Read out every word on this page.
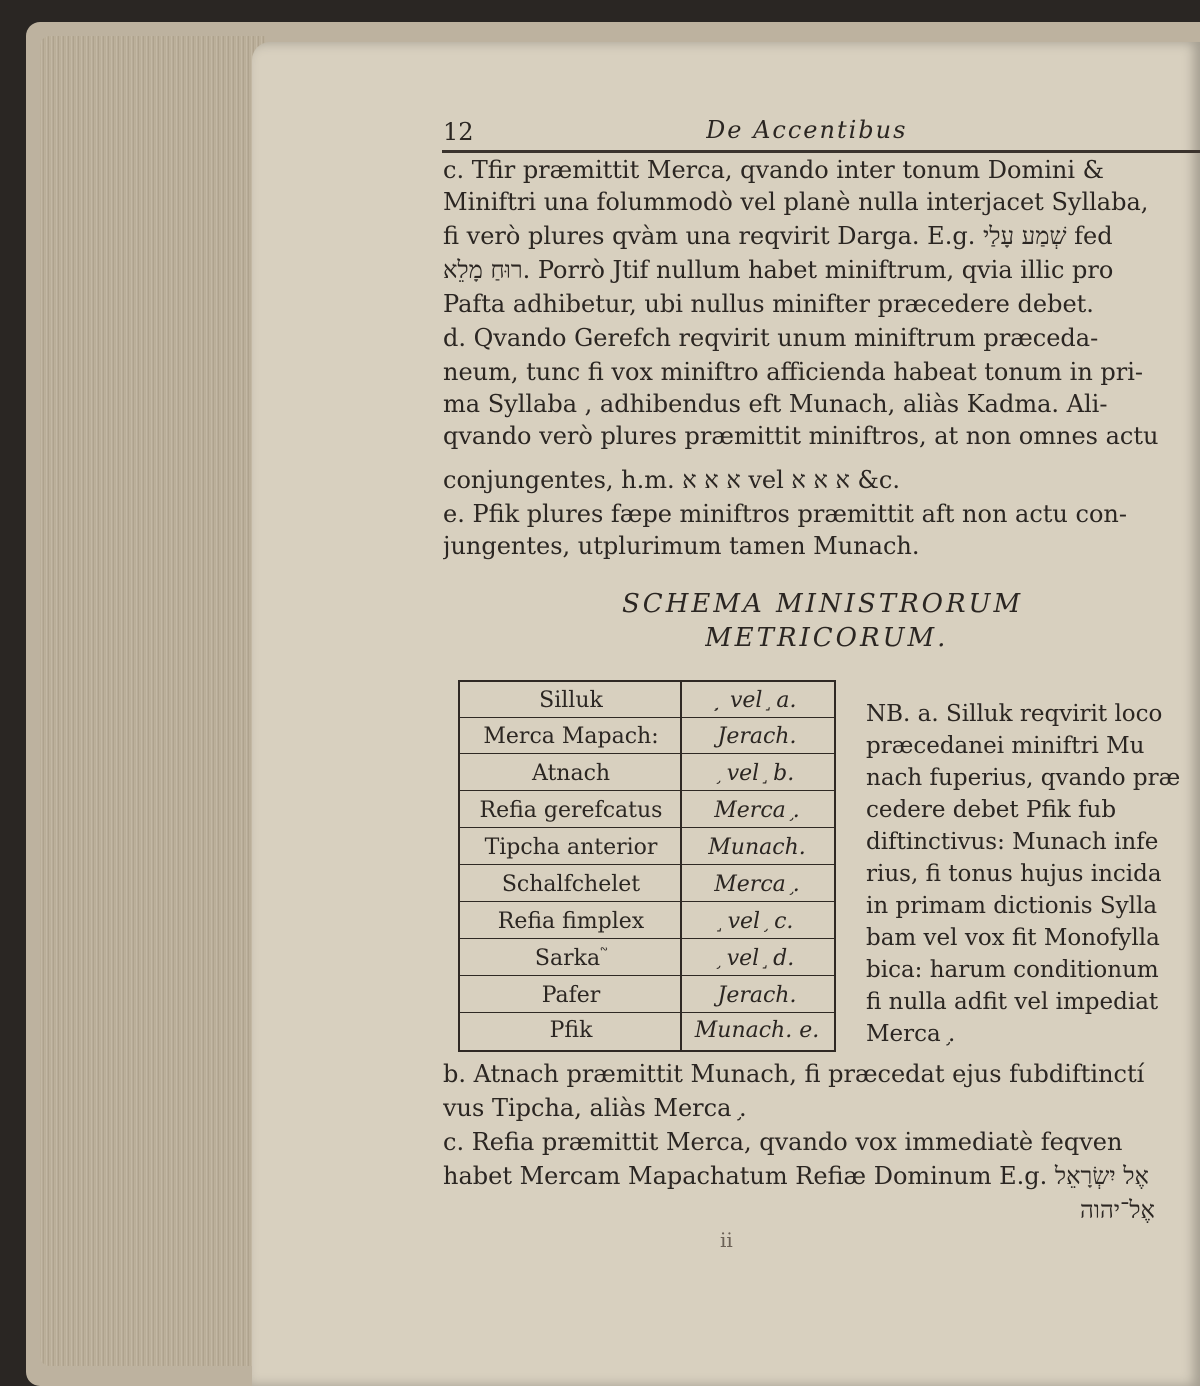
12	De Accentibus
c. Tfir præmittit Merca, qvando inter tonum Domini &
Miniftri una folummodò vel planè nulla interjacet Syllaba,
fi verò plures qvàm una reqvirit Darga. E.g. שְׁמַע עָלַי fed
רוּחַ מָלֵא. Porrò Jtif nullum habet miniftrum, qvia illic pro
Pafta adhibetur, ubi nullus minifter præcedere debet.
d. Qvando Gerefch reqvirit unum miniftrum præceda-
neum, tunc fi vox miniftro afficienda habeat tonum in pri-
ma Syllaba , adhibendus eft Munach, aliàs Kadma. Ali-
qvando verò plures præmittit miniftros, at non omnes actu
conjungentes, h.m. א א א vel א א א &c.
e. Pfik plures fæpe miniftros præmittit aft non actu con-
jungentes, utplurimum tamen Munach.
SCHEMA MINISTRORUM
METRICORUM.
Silluk	ֽ ֥ vel ֣ a.
Merca Mapach:	Jerach.
Atnach	֥ vel ֣ b.
Refia gerefcatus	Merca ֥.
Tipcha anterior	Munach.
Schalfchelet	Merca ֥.
Refia fimplex	֣ vel ֥ c.
Sarka ֮	֥ vel ֣ d.
Pafer	Jerach.
Pfik	Munach. e.
NB. a. Silluk reqvirit loco
præcedanei miniftri Mu
nach fuperius, qvando præ
cedere debet Pfik fub
diftinctivus: Munach infe
rius, fi tonus hujus incida
in primam dictionis Sylla
bam vel vox fit Monofylla
bica: harum conditionum
fi nulla adfit vel impediat
Merca ֥.
b. Atnach præmittit Munach, fi præcedat ejus fubdiftinctí
vus Tipcha, aliàs Merca ֥.
c. Refia præmittit Merca, qvando vox immediatè feqven
habet Mercam Mapachatum Refiæ Dominum E.g. אֶל יִשְׂרָאֵל
אֶל־יהוה
ii
